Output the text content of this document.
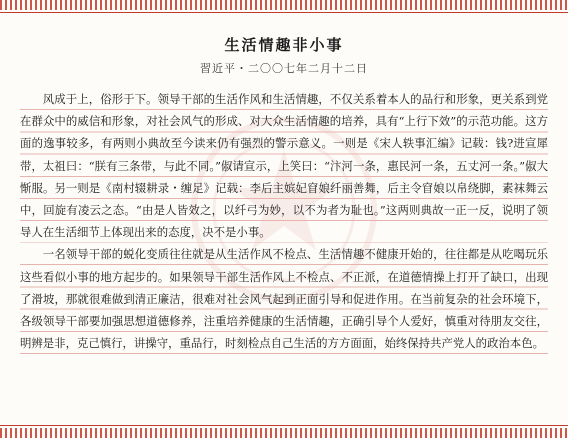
生活情趣非小事
習近平・二〇〇七年二月十二日

风成于上，俗形于下。领导干部的生活作风和生活情趣，不仅关系着本人的品行和形象，更关系到党在群众中的威信和形象，对社会风气的形成、对大众生活情趣的培养，具有“上行下效”的示范功能。这方面的逸事较多，有两则小典故至今读来仍有强烈的警示意义。一则是《宋人轶事汇编》记载：钱?进宣犀带，太祖曰：“朕有三条带，与此不同。”俶请宣示，上笑曰：“汴河一条，惠民河一条，五丈河一条。”俶大惭服。另一则是《南村辍耕录・缠足》记载：李后主嫔妃窅娘纤丽善舞，后主令窅娘以帛绕脚，素袜舞云中，回旋有凌云之态。“由是人皆效之，以纤弓为妙，以不为者为耻也。”这两则典故一正一反，说明了领导人在生活细节上体现出来的态度，决不是小事。

一名领导干部的蜕化变质往往就是从生活作风不检点、生活情趣不健康开始的，往往都是从吃喝玩乐这些看似小事的地方起步的。如果领导干部生活作风上不检点、不正派，在道德情操上打开了缺口，出现了滑坡，那就很难做到清正廉洁，很难对社会风气起到正面引导和促进作用。在当前复杂的社会环境下，各级领导干部要加强思想道德修养，注重培养健康的生活情趣，正确引导个人爱好，慎重对待朋友交往，明辨是非，克己慎行，讲操守，重品行，时刻检点自己生活的方方面面，始终保持共产党人的政治本色。
